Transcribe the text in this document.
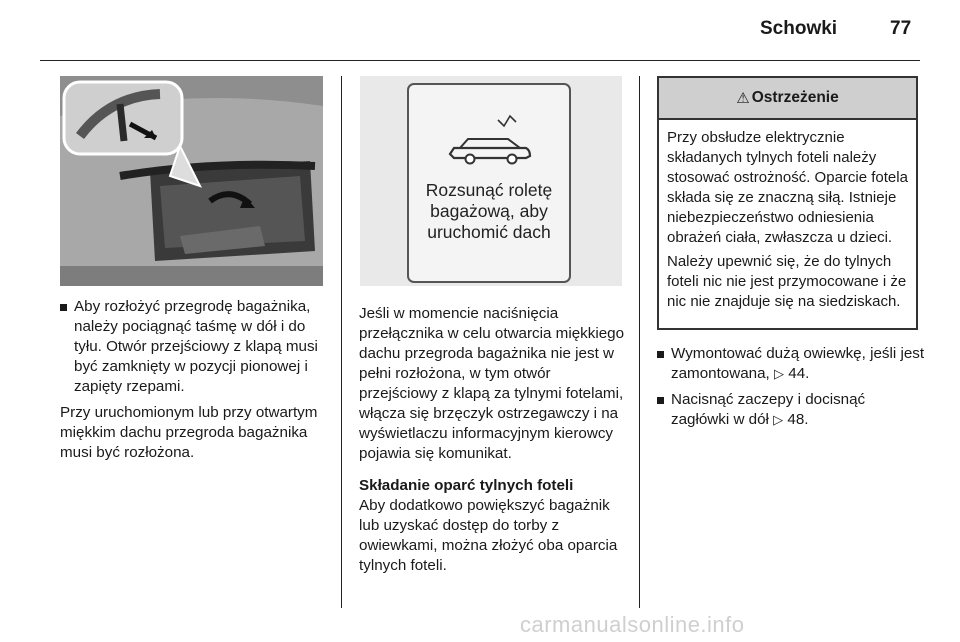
Schowki	77

Aby rozłożyć przegrodę bagażnika, należy pociągnąć taśmę w dół i do tyłu. Otwór przejściowy z klapą musi być zamknięty w pozycji pionowej i zapięty rzepami.

Przy uruchomionym lub przy otwartym miękkim dachu przegroda bagażnika musi być rozłożona.

Rozsunąć roletę
bagażową, aby
uruchomić dach

Jeśli w momencie naciśnięcia przełącznika w celu otwarcia miękkiego dachu przegroda bagażnika nie jest w pełni rozłożona, w tym otwór przejściowy z klapą za tylnymi fotelami, włącza się brzęczyk ostrzegawczy i na wyświetlaczu informacyjnym kierowcy pojawia się komunikat.

Składanie oparć tylnych foteli

Aby dodatkowo powiększyć bagażnik lub uzyskać dostęp do torby z owiewkami, można złożyć oba oparcia tylnych foteli.

⚠ Ostrzeżenie

Przy obsłudze elektrycznie składanych tylnych foteli należy stosować ostrożność. Oparcie fotela składa się ze znaczną siłą. Istnieje niebezpieczeństwo odniesienia obrażeń ciała, zwłaszcza u dzieci.

Należy upewnić się, że do tylnych foteli nic nie jest przymocowane i że nic nie znajduje się na siedziskach.

Wymontować dużą owiewkę, jeśli jest zamontowana, ▷ 44.

Nacisnąć zaczepy i docisnąć zagłówki w dół ▷ 48.

carmanualsonline.info
